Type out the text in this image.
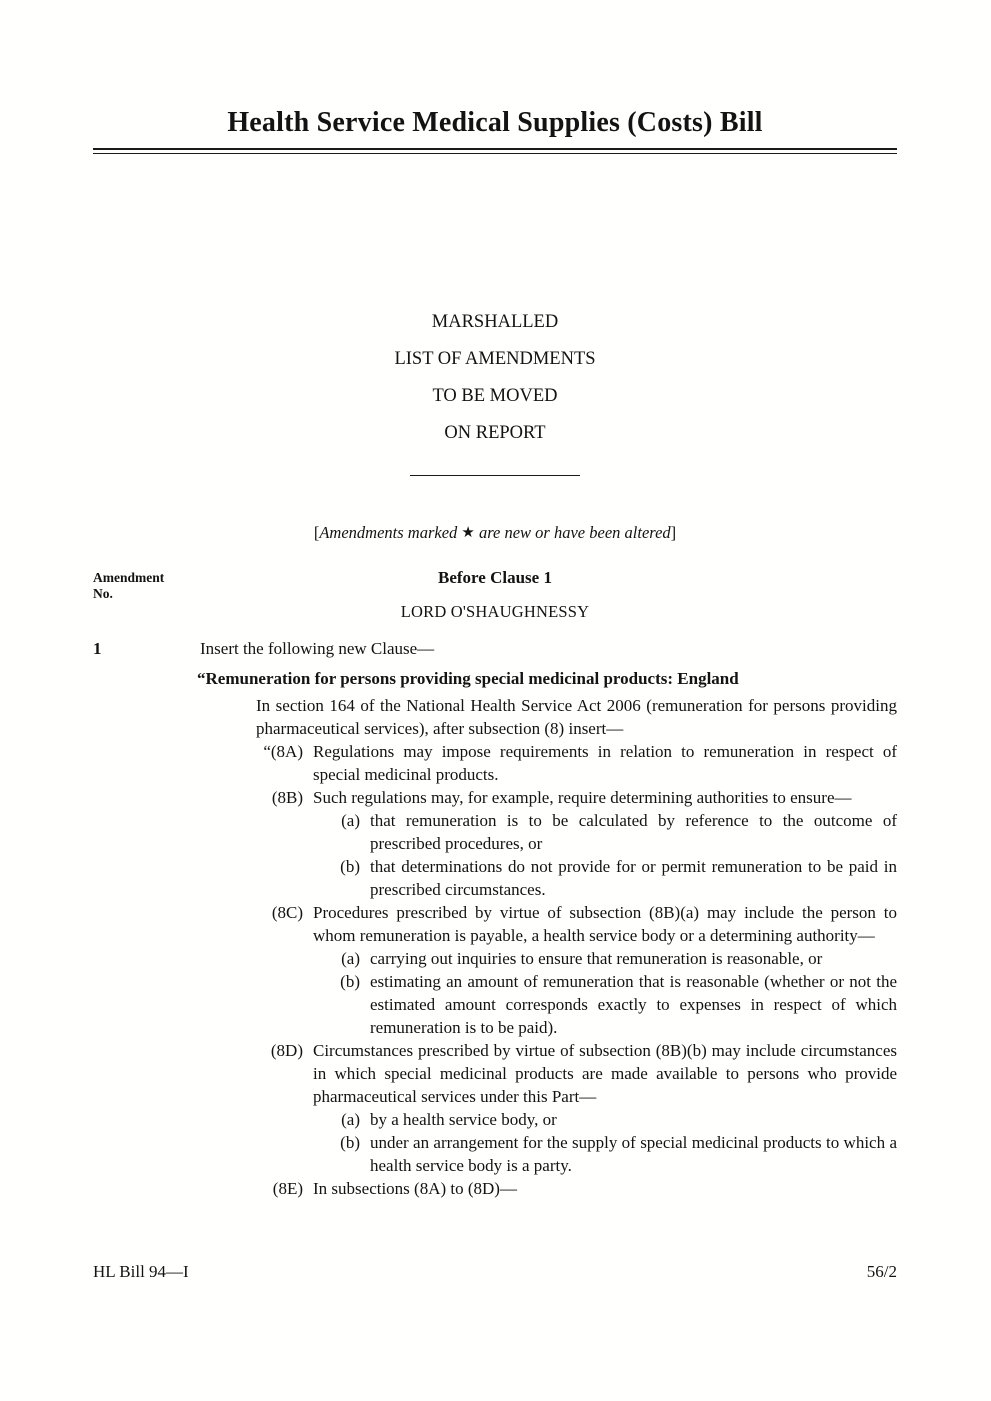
Health Service Medical Supplies (Costs) Bill
MARSHALLED
LIST OF AMENDMENTS
TO BE MOVED
ON REPORT
[Amendments marked ★ are new or have been altered]
Amendment
No.
Before Clause 1
LORD O'SHAUGHNESSY
1	Insert the following new Clause—

“Remuneration for persons providing special medicinal products: England

In section 164 of the National Health Service Act 2006 (remuneration for persons providing pharmaceutical services), after subsection (8) insert—

“(8A) Regulations may impose requirements in relation to remuneration in respect of special medicinal products.

(8B) Such regulations may, for example, require determining authorities to ensure—

(a) that remuneration is to be calculated by reference to the outcome of prescribed procedures, or

(b) that determinations do not provide for or permit remuneration to be paid in prescribed circumstances.

(8C) Procedures prescribed by virtue of subsection (8B)(a) may include the person to whom remuneration is payable, a health service body or a determining authority—

(a) carrying out inquiries to ensure that remuneration is reasonable, or

(b) estimating an amount of remuneration that is reasonable (whether or not the estimated amount corresponds exactly to expenses in respect of which remuneration is to be paid).

(8D) Circumstances prescribed by virtue of subsection (8B)(b) may include circumstances in which special medicinal products are made available to persons who provide pharmaceutical services under this Part—

(a) by a health service body, or

(b) under an arrangement for the supply of special medicinal products to which a health service body is a party.

(8E) In subsections (8A) to (8D)—

HL Bill 94—I	56/2
